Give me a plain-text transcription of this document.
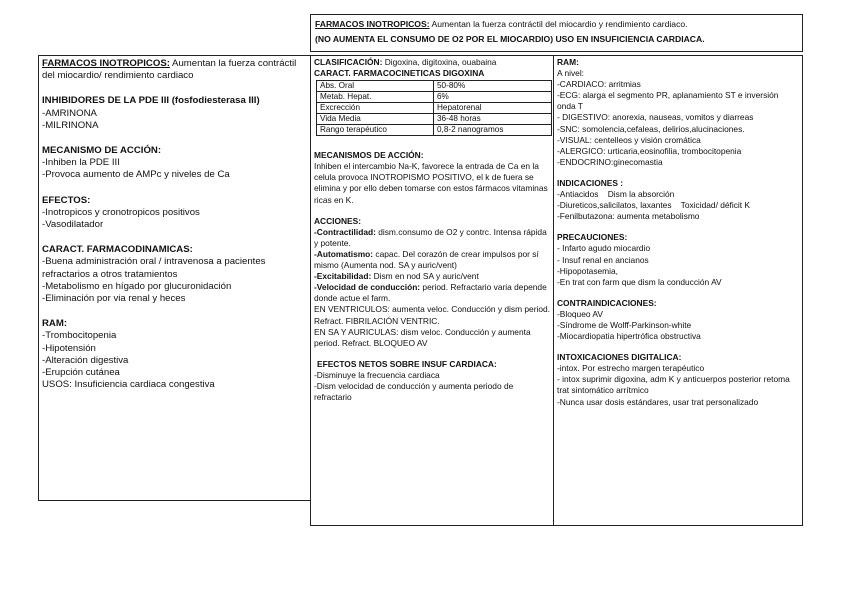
FARMACOS INOTROPICOS: Aumentan la fuerza contráctil del miocardio y rendimiento cardiaco.
(NO AUMENTA EL CONSUMO DE O2 POR EL MIOCARDIO) USO EN INSUFICIENCIA CARDIACA.
FARMACOS INOTROPICOS: Aumentan la fuerza contráctil del miocardio/ rendimiento cardiaco
INHIBIDORES DE LA PDE III (fosfodiesterasa III)
-AMRINONA
-MILRINONA
MECANISMO DE ACCIÓN:
-Inhiben la PDE III
-Provoca aumento de AMPc y niveles de Ca
EFECTOS:
-Inotropicos y cronotropicos positivos
-Vasodilatador
CARACT. FARMACODINAMICAS:
-Buena administración oral / intravenosa a pacientes refractarios a otros tratamientos
-Metabolismo en hígado por glucuronidación
-Eliminación por via renal y heces
RAM:
-Trombocitopenia
-Hipotensión
-Alteración digestiva
-Erupción cutánea
USOS: Insuficiencia cardiaca congestiva
CLASIFICACIÓN: Digoxina, digitoxina, ouabaina
CARACT. FARMACOCINETICAS DIGOXINA
Abs. Oral	50-80%
Metab. Hepat.	6%
Excrección	Hepatorenal
Vida Media	36-48 horas
Rango terapéutico	0,8-2 nanogramos
MECANISMOS DE ACCIÓN:
Inhiben el intercambio Na-K, favorece la entrada de Ca en la celula provoca INOTROPISMO POSITIVO, el k de fuera se elimina y por ello deben tomarse con estos fármacos vitaminas ricas en K.
ACCIONES:
-Contractilidad: dism.consumo de O2 y contrc. Intensa rápida y potente.
-Automatismo: capac. Del corazón de crear impulsos por sí mismo (Aumenta nod. SA y auric/vent)
-Excitabilidad: Dism en nod SA y auric/vent
-Velocidad de conducción: period. Refractario varia depende donde actue el farm.
EN VENTRICULOS: aumenta veloc. Conducción y dism period. Refract. FIBRILACIÓN VENTRIC.
EN SA Y AURICULAS: dism veloc. Conducción y aumenta period. Refract. BLOQUEO AV
EFECTOS NETOS SOBRE INSUF CARDIACA:
-Disminuye la frecuencia cardiaca
-Dism velocidad de conducción y aumenta periodo de refractario
RAM:
A nivel:
-CARDIACO: arritmias
-ECG: alarga el segmento PR, aplanamiento ST e inversión onda T
- DIGESTIVO: anorexia, nauseas, vomitos y diarreas
-SNC: somolencia,cefaleas, delirios,alucinaciones.
-VISUAL: centelleos y visión cromática
-ALERGICO: urticaria,eosinofilia, trombocitopenia
-ENDOCRINO:ginecomastia
INDICACIONES :
-Antiacidos    Dism la absorción
-Diureticos,salicilatos, laxantes    Toxicidad/ déficit K
-Fenilbutazona: aumenta metabolismo
PRECAUCIONES:
- Infarto agudo miocardio
- Insuf renal en ancianos
-Hipopotasemia,
-En trat con farm que dism la conducción AV
CONTRAINDICACIONES:
-Bloqueo AV
-Síndrome de Wolff-Parkinson-white
-Miocardiopatia hipertrófica obstructiva
INTOXICACIONES DIGITALICA:
-intox. Por estrecho margen terapéutico
- intox suprimir digoxina, adm K y anticuerpos posterior retoma trat sintomático arrítmico
-Nunca usar dosis estándares, usar trat personalizado
